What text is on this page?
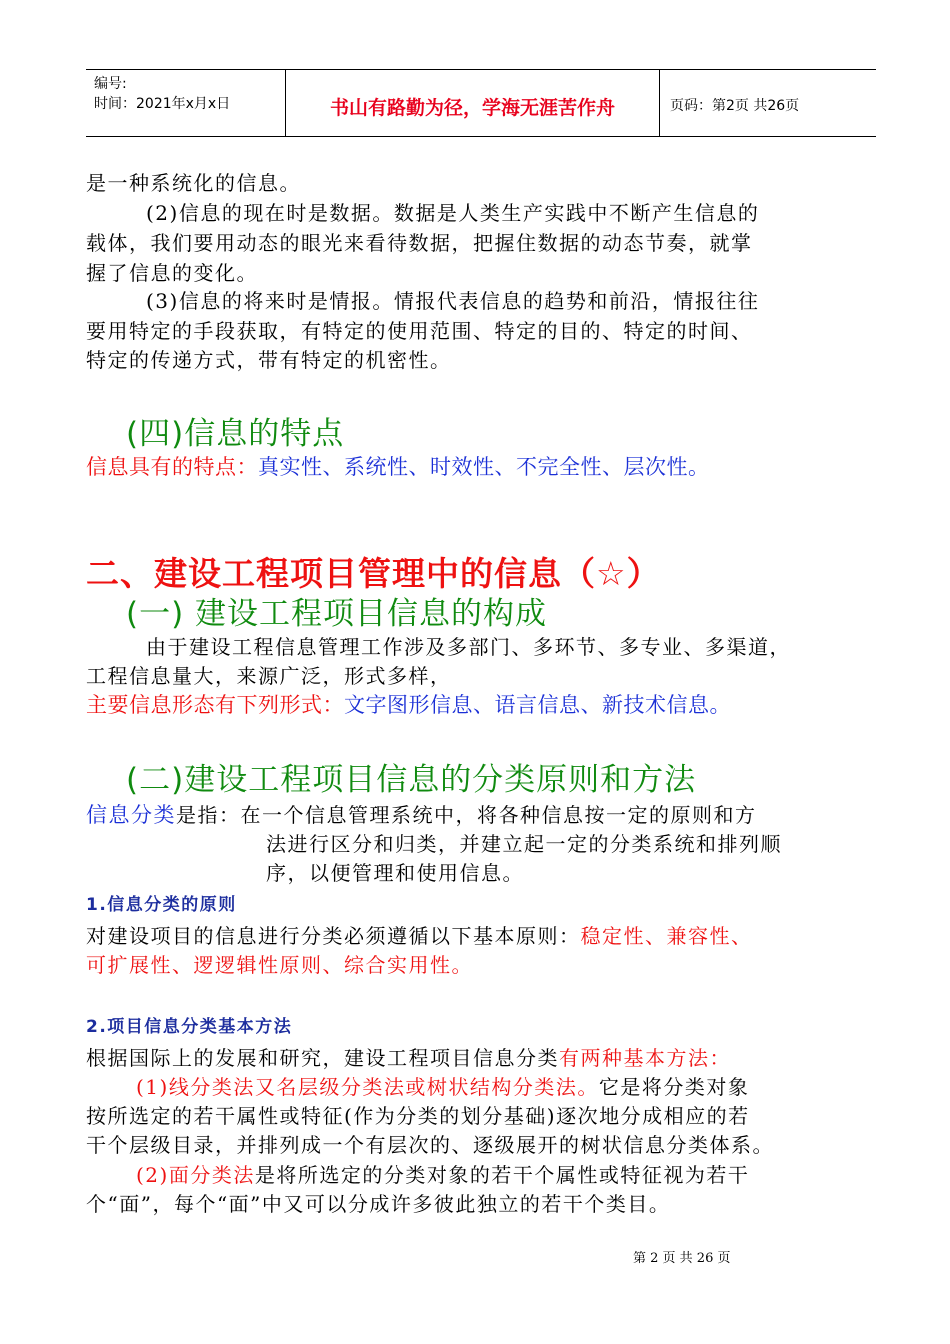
编号:
时间：2021年x月x日	书山有路勤为径，学海无涯苦作舟	页码：第2页 共26页
是一种系统化的信息。
(2)信息的现在时是数据。数据是人类生产实践中不断产生信息的
载体，我们要用动态的眼光来看待数据，把握住数据的动态节奏，就掌
握了信息的变化。
(3)信息的将来时是情报。情报代表信息的趋势和前沿，情报往往
要用特定的手段获取，有特定的使用范围、特定的目的、特定的时间、
特定的传递方式，带有特定的机密性。
(四)信息的特点
信息具有的特点：真实性、系统性、时效性、不完全性、层次性。
二、建设工程项目管理中的信息（☆）
(一) 建设工程项目信息的构成
由于建设工程信息管理工作涉及多部门、多环节、多专业、多渠道，
工程信息量大，来源广泛，形式多样，
主要信息形态有下列形式：文字图形信息、语言信息、新技术信息。
(二)建设工程项目信息的分类原则和方法
信息分类是指：在一个信息管理系统中，将各种信息按一定的原则和方
法进行区分和归类，并建立起一定的分类系统和排列顺
序，以便管理和使用信息。
1.信息分类的原则
对建设项目的信息进行分类必须遵循以下基本原则：稳定性、兼容性、
可扩展性、逻逻辑性原则、综合实用性。
2.项目信息分类基本方法
根据国际上的发展和研究，建设工程项目信息分类有两种基本方法：
(1)线分类法又名层级分类法或树状结构分类法。它是将分类对象
按所选定的若干属性或特征(作为分类的划分基础)逐次地分成相应的若
干个层级目录，并排列成一个有层次的、逐级展开的树状信息分类体系。
(2)面分类法是将所选定的分类对象的若干个属性或特征视为若干
个“面”，每个“面”中又可以分成许多彼此独立的若干个类目。
第 2 页 共 26 页
